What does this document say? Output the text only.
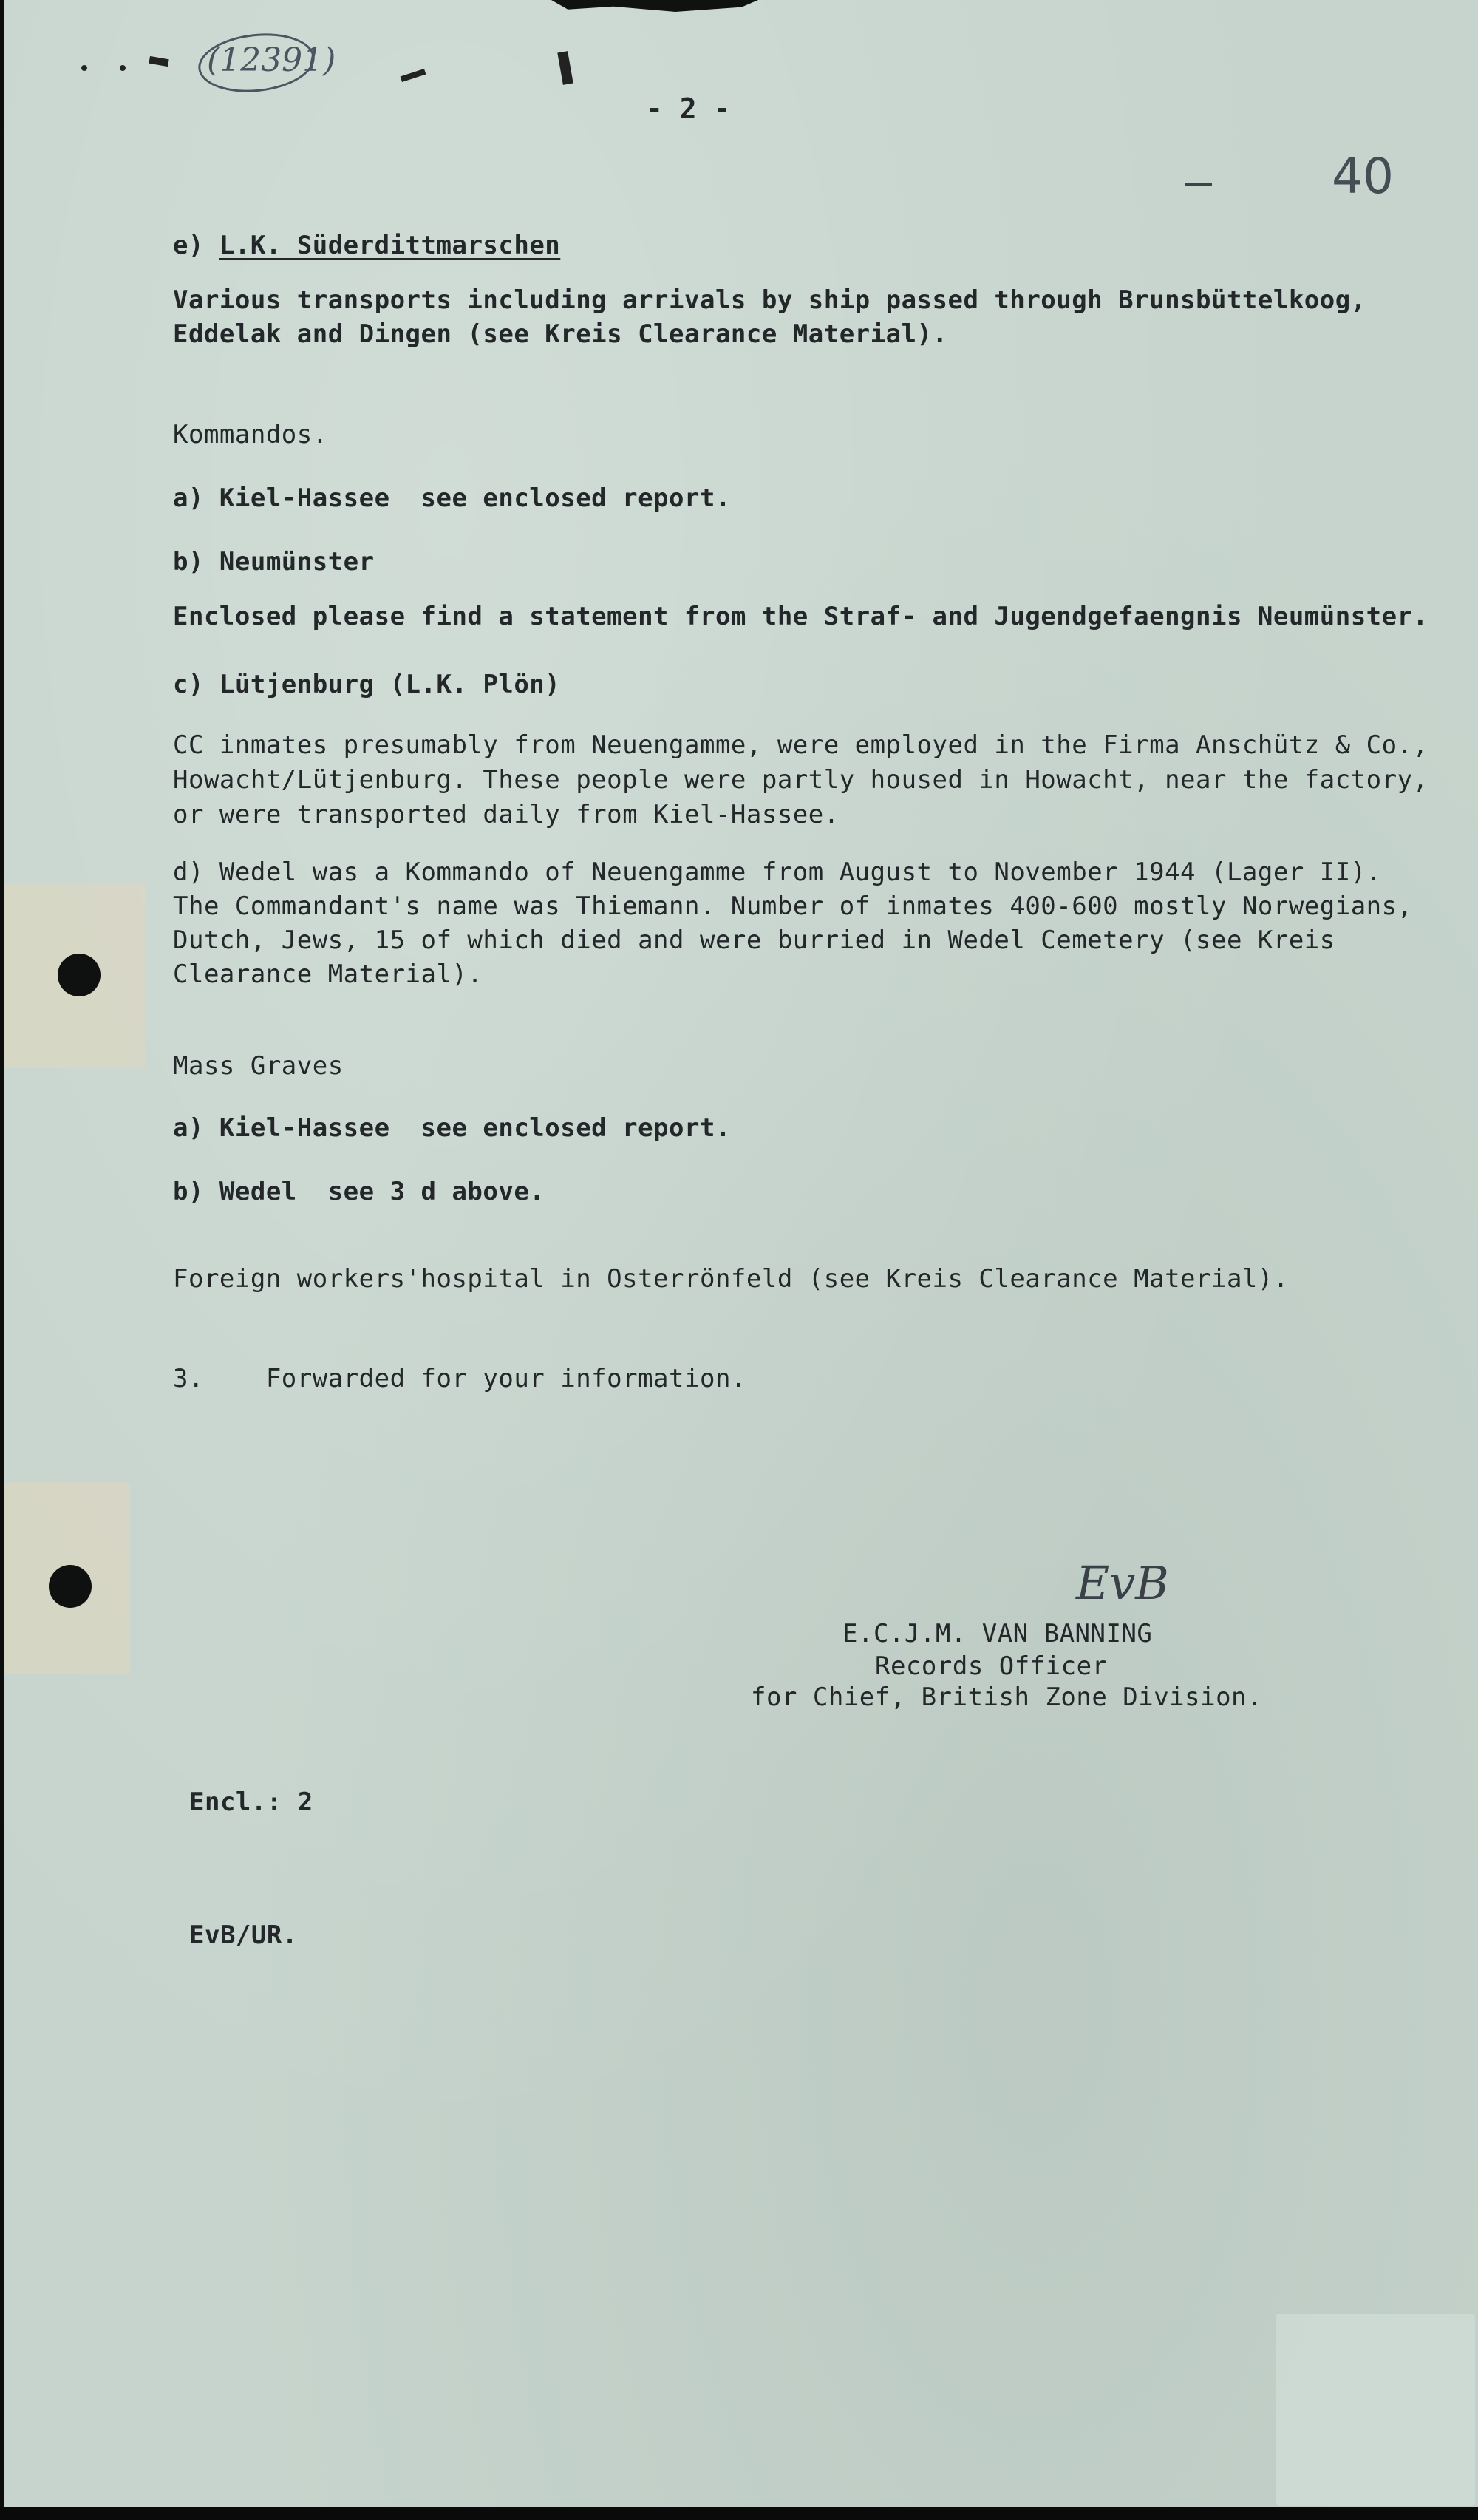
(12391)
- 2 -
40
e) L.K. Süderdittmarschen
Various transports including arrivals by ship passed through Brunsbüttelkoog,
Eddelak and Dingen (see Kreis Clearance Material).
Kommandos.
a) Kiel-Hassee  see enclosed report.
b) Neumünster
Enclosed please find a statement from the Straf- and Jugendgefaengnis Neumünster.
c) Lütjenburg (L.K. Plön)
CC inmates presumably from Neuengamme, were employed in the Firma Anschütz & Co.,
Howacht/Lütjenburg. These people were partly housed in Howacht, near the factory,
or were transported daily from Kiel-Hassee.
d) Wedel was a Kommando of Neuengamme from August to November 1944 (Lager II).
The Commandant's name was Thiemann. Number of inmates 400-600 mostly Norwegians,
Dutch, Jews, 15 of which died and were burried in Wedel Cemetery (see Kreis
Clearance Material).
Mass Graves
a) Kiel-Hassee  see enclosed report.
b) Wedel  see 3 d above.
Foreign workers'hospital in Osterrönfeld (see Kreis Clearance Material).
3.    Forwarded for your information.
EvB
E.C.J.M. VAN BANNING
Records Officer
for Chief, British Zone Division.
Encl.: 2
EvB/UR.
